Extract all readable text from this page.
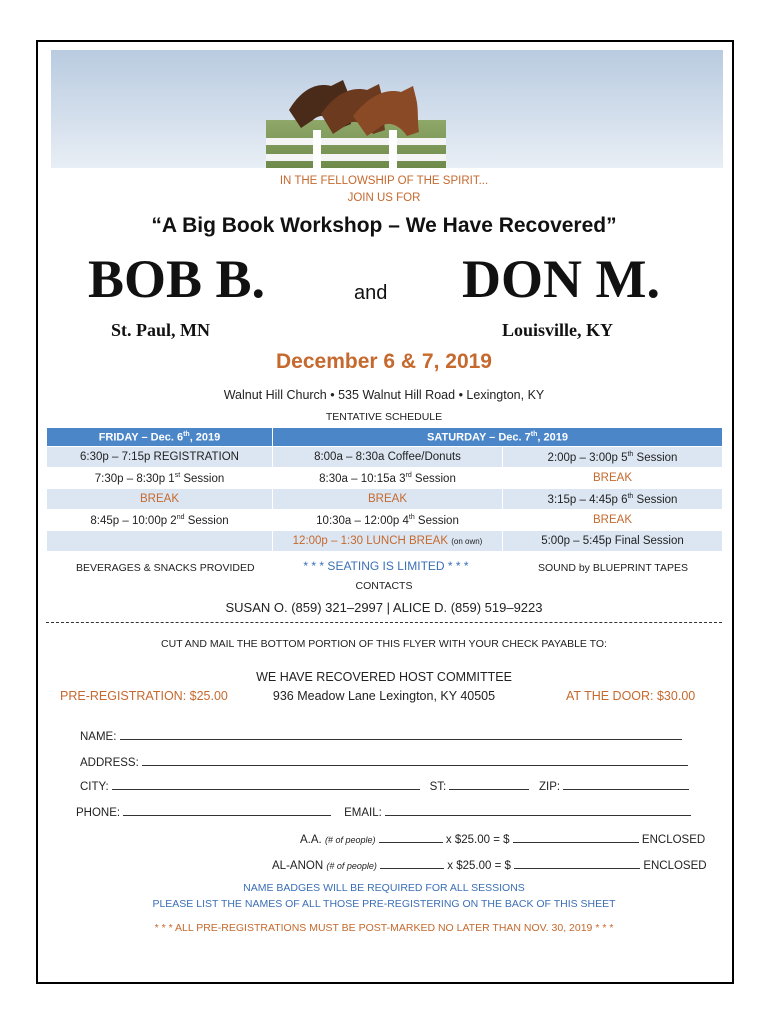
IN THE FELLOWSHIP OF THE SPIRIT...
JOIN US FOR
“A Big Book Workshop – We Have Recovered”
BOB B.	and DON M.
St. Paul, MN	Louisville, KY
December 6 & 7, 2019
Walnut Hill Church • 535 Walnut Hill Road • Lexington, KY
TENTATIVE SCHEDULE
FRIDAY – Dec. 6th, 2019	SATURDAY – Dec. 7th, 2019	
6:30p – 7:15p REGISTRATION	8:00a – 8:30a Coffee/Donuts	2:00p – 3:00p 5th Session
7:30p – 8:30p 1st Session	8:30a – 10:15a 3rd Session	BREAK
BREAK	BREAK	3:15p – 4:45p 6th Session
8:45p – 10:00p 2nd Session	10:30a – 12:00p 4th Session	BREAK
	12:00p – 1:30 LUNCH BREAK (on own)	5:00p – 5:45p Final Session
BEVERAGES & SNACKS PROVIDED	* * * SEATING IS LIMITED * * *	SOUND by BLUEPRINT TAPES
CONTACTS
SUSAN O. (859) 321–2997 | ALICE D. (859) 519–9223
CUT AND MAIL THE BOTTOM PORTION OF THIS FLYER WITH YOUR CHECK PAYABLE TO:
WE HAVE RECOVERED HOST COMMITTEE
936 Meadow Lane Lexington, KY 40505
PRE-REGISTRATION: $25.00	AT THE DOOR: $30.00
NAME:
ADDRESS:
CITY:	ST:	ZIP:
PHONE:	EMAIL:
A.A. (# of people)	x $25.00 = $	ENCLOSED
AL-ANON (# of people)	x $25.00 = $	ENCLOSED
NAME BADGES WILL BE REQUIRED FOR ALL SESSIONS
PLEASE LIST THE NAMES OF ALL THOSE PRE-REGISTERING ON THE BACK OF THIS SHEET
* * * ALL PRE-REGISTRATIONS MUST BE POST-MARKED NO LATER THAN NOV. 30, 2019 * * *
